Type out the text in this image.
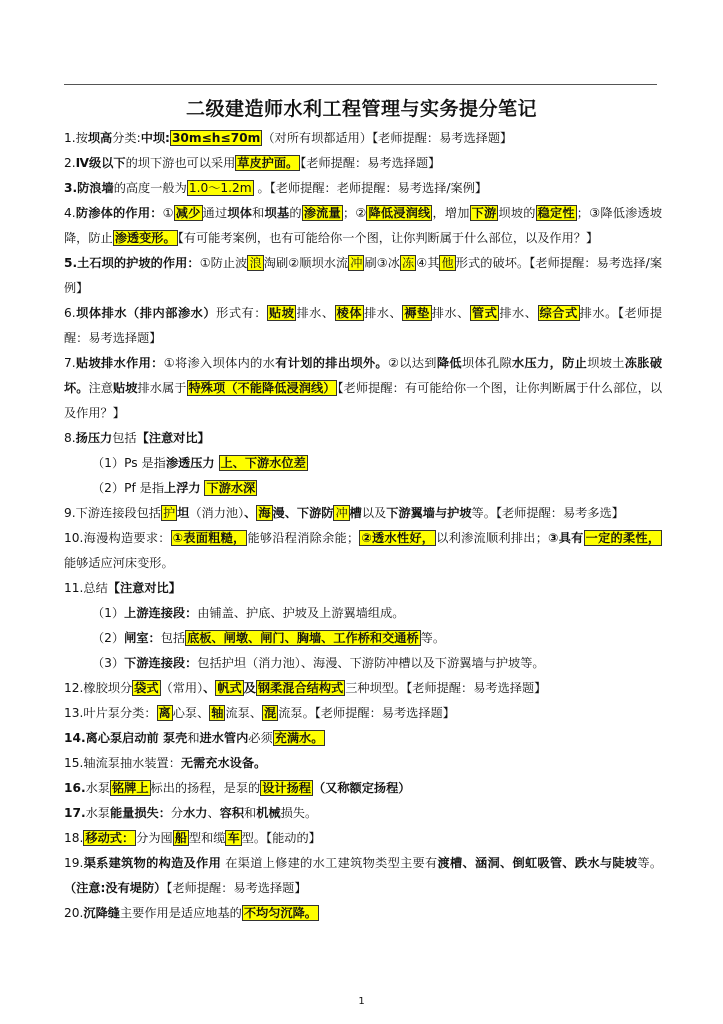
二级建造师水利工程管理与实务提分笔记

1.按坝高分类:中坝: 30m≤h≤70m （对所有坝都适用）【老师提醒：易考选择题】

2.Ⅳ级以下的坝下游也可以采用 草皮护面。 【老师提醒：易考选择题】

3.防浪墙的高度一般为 1.0～1.2m 。【老师提醒：老师提醒：易考选择/案例】

4.防渗体的作用：① 减少 通过坝体和坝基的 渗流量 ；② 降低浸润线 ，增加 下游 坝坡的 稳定性 ；③降低渗透坡降，防止 渗透变形。 【有可能考案例，也有可能给你一个图，让你判断属于什么部位，以及作用？】

5.土石坝的护坡的作用：①防止波 浪 淘刷②顺坝水流 冲 刷③冰 冻 ④其 他 形式的破坏。【老师提醒：易考选择/案例】

6.坝体排水（排内部渗水）形式有： 贴坡 排水、 棱体 排水、 褥垫 排水、 管式 排水、 综合式 排水。【老师提醒：易考选择题】

7.贴坡排水作用：①将渗入坝体内的水有计划的排出坝外。②以达到降低坝体孔隙水压力，防止坝坡土冻胀破坏。注意贴坡排水属于 特殊项（不能降低浸润线） 【老师提醒：有可能给你一个图，让你判断属于什么部位，以及作用？】

8.扬压力包括【注意对比】

（1）Ps 是指渗透压力 上、下游水位差

（2）Pf 是指上浮力 下游水深

9.下游连接段包括 护 坦（消力池）、 海 漫、下游防 冲 槽以及下游翼墙与护坡等。【老师提醒：易考多选】

10.海漫构造要求： ①表面粗糙， 能够沿程消除余能； ②透水性好， 以利渗流顺利排出；③具有 一定的柔性，能够适应河床变形。

11.总结【注意对比】

（1）上游连接段：由铺盖、护底、护坡及上游翼墙组成。

（2）闸室：包括 底板、闸墩、闸门、胸墙、工作桥和交通桥 等。

（3）下游连接段：包括护坦（消力池）、海漫、下游防冲槽以及下游翼墙与护坡等。

12.橡胶坝分 袋式 （常用）、 帆式 及 钢柔混合结构式 三种坝型。【老师提醒：易考选择题】

13.叶片泵分类： 离 心泵、 轴 流泵、 混 流泵。【老师提醒：易考选择题】

14.离心泵启动前 泵壳和进水管内必须 充满水。

15.轴流泵抽水装置：无需充水设备。

16.水泵 铭牌上 标出的扬程，是泵的 设计扬程 （又称额定扬程）

17.水泵能量损失：分水力、容积和机械损失。

18. 移动式： 分为囤 船 型和缆 车 型。【能动的】

19.渠系建筑物的构造及作用 在渠道上修建的水工建筑物类型主要有渡槽、涵洞、倒虹吸管、跌水与陡坡等。（注意:没有堤防）【老师提醒：易考选择题】

20.沉降缝主要作用是适应地基的 不均匀沉降。

1
